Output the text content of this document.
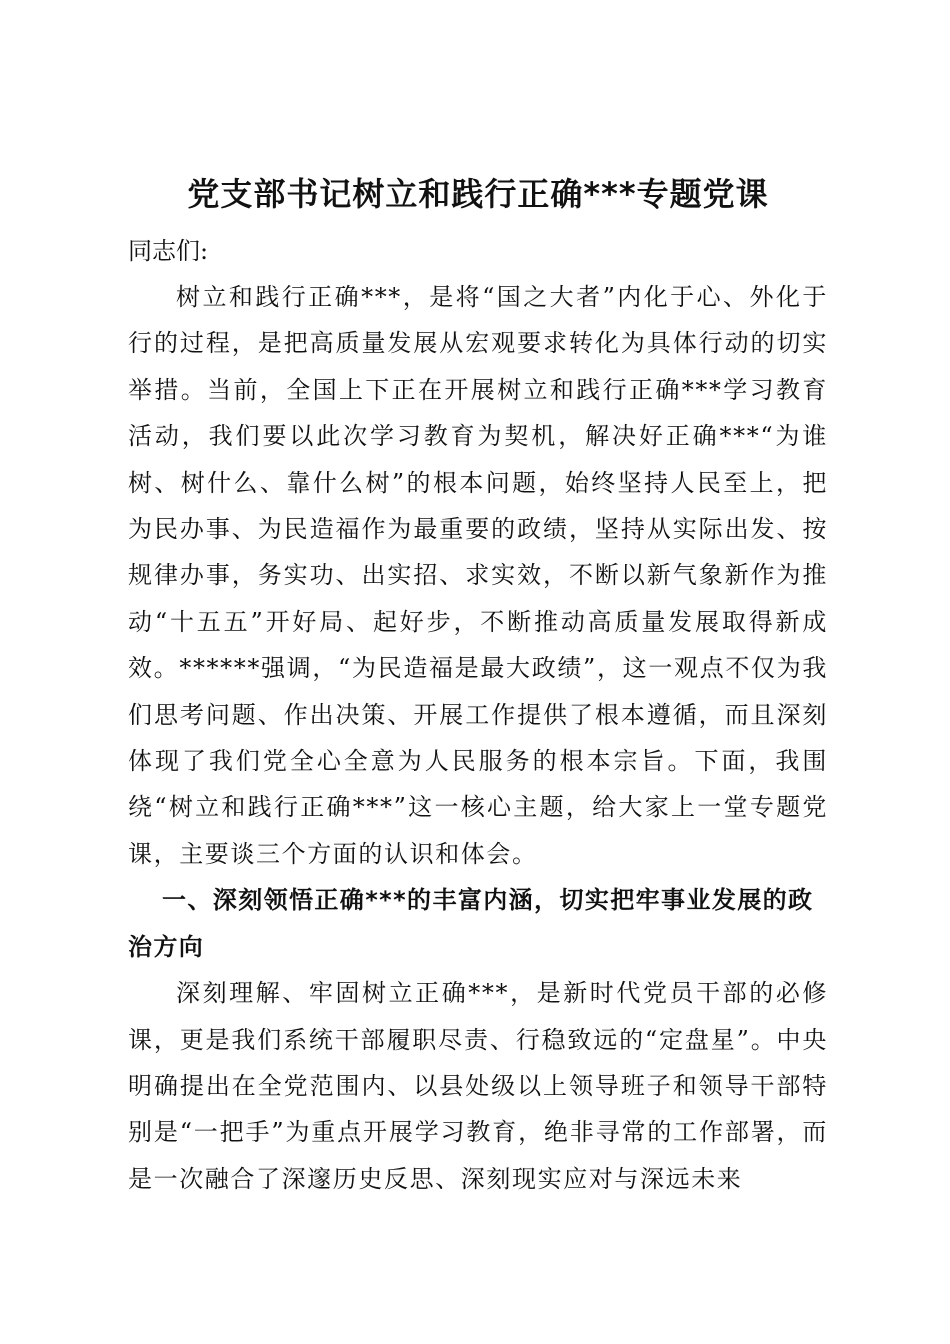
党支部书记树立和践行正确***专题党课

同志们:

树立和践行正确***，是将“国之大者”内化于心、外化于行的过程，是把高质量发展从宏观要求转化为具体行动的切实举措。当前，全国上下正在开展树立和践行正确***学习教育活动，我们要以此次学习教育为契机，解决好正确***“为谁树、树什么、靠什么树”的根本问题，始终坚持人民至上，把为民办事、为民造福作为最重要的政绩，坚持从实际出发、按规律办事，务实功、出实招、求实效，不断以新气象新作为推动“十五五”开好局、起好步，不断推动高质量发展取得新成效。******强调，“为民造福是最大政绩”，这一观点不仅为我们思考问题、作出决策、开展工作提供了根本遵循，而且深刻体现了我们党全心全意为人民服务的根本宗旨。下面，我围绕“树立和践行正确***”这一核心主题，给大家上一堂专题党课，主要谈三个方面的认识和体会。

一、深刻领悟正确***的丰富内涵，切实把牢事业发展的政治方向

深刻理解、牢固树立正确***，是新时代党员干部的必修课，更是我们系统干部履职尽责、行稳致远的“定盘星”。中央明确提出在全党范围内、以县处级以上领导班子和领导干部特别是“一把手”为重点开展学习教育，绝非寻常的工作部署，而是一次融合了深邃历史反思、深刻现实应对与深远未来
